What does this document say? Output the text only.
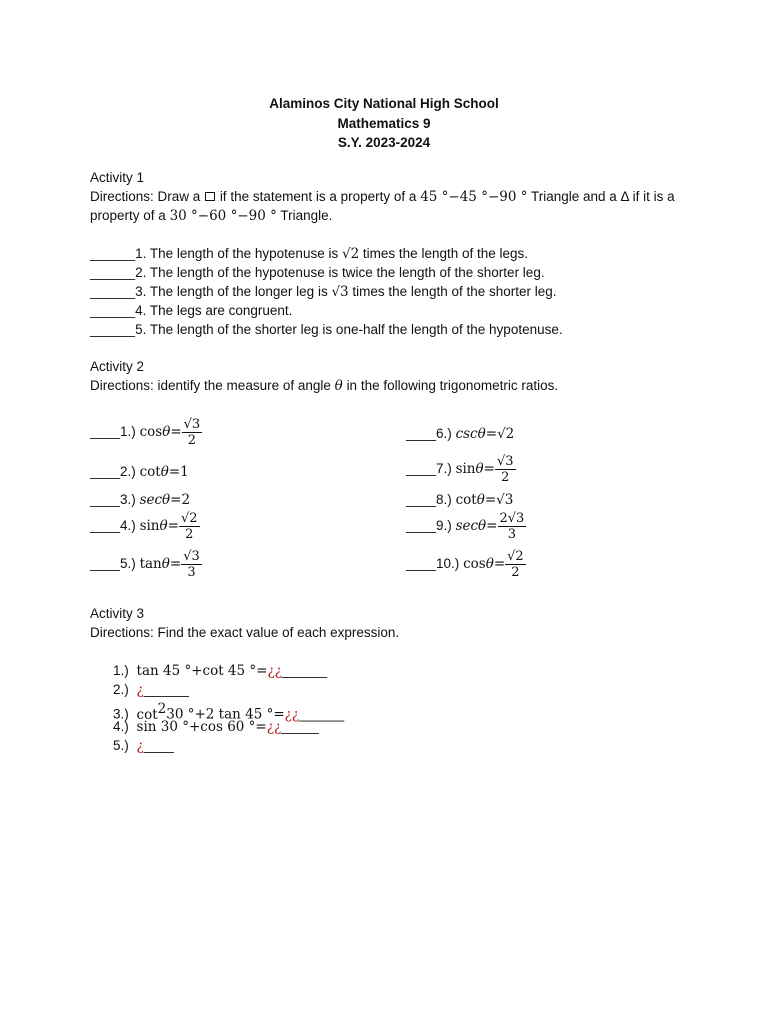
Alaminos City National High School
Mathematics 9
S.Y. 2023-2024
Activity 1
Directions: Draw a if the statement is a property of a 45 °−45 °−90 ° Triangle and a Δ if it is a
property of a 30 °−60 °−90 ° Triangle.
______1. The length of the hypotenuse is √2 times the length of the legs.
______2. The length of the hypotenuse is twice the length of the shorter leg.
______3. The length of the longer leg is √3 times the length of the shorter leg.
______4. The legs are congruent.
______5. The length of the shorter leg is one-half the length of the hypotenuse.
Activity 2
Directions: identify the measure of angle θ in the following trigonometric ratios.
____1.) $\cos\theta= \frac{√3}{2}$
____2.) cotθ=1
____3.) secθ=2
____4.) $\sin\theta= \frac{√2}{2}$
____5.) $\tan\theta= \frac{√3}{3}$
____6.) cscθ=√2
____7.) $\sin\theta= \frac{√3}{2}$
____8.) cotθ=√3
____9.) $\sec\theta= \frac{2√3}{3}$
____10.) $\cos\theta= \frac{√2}{2}$
Activity 3
Directions: Find the exact value of each expression.
1.) tan 45 °+cot 45 °=¿¿______
2.) ¿______
3.) $\cot^230$ °+2 tan 45 °=¿¿______
4.) sin 30 °+cos 60 °=¿¿_____
5.) ¿____
